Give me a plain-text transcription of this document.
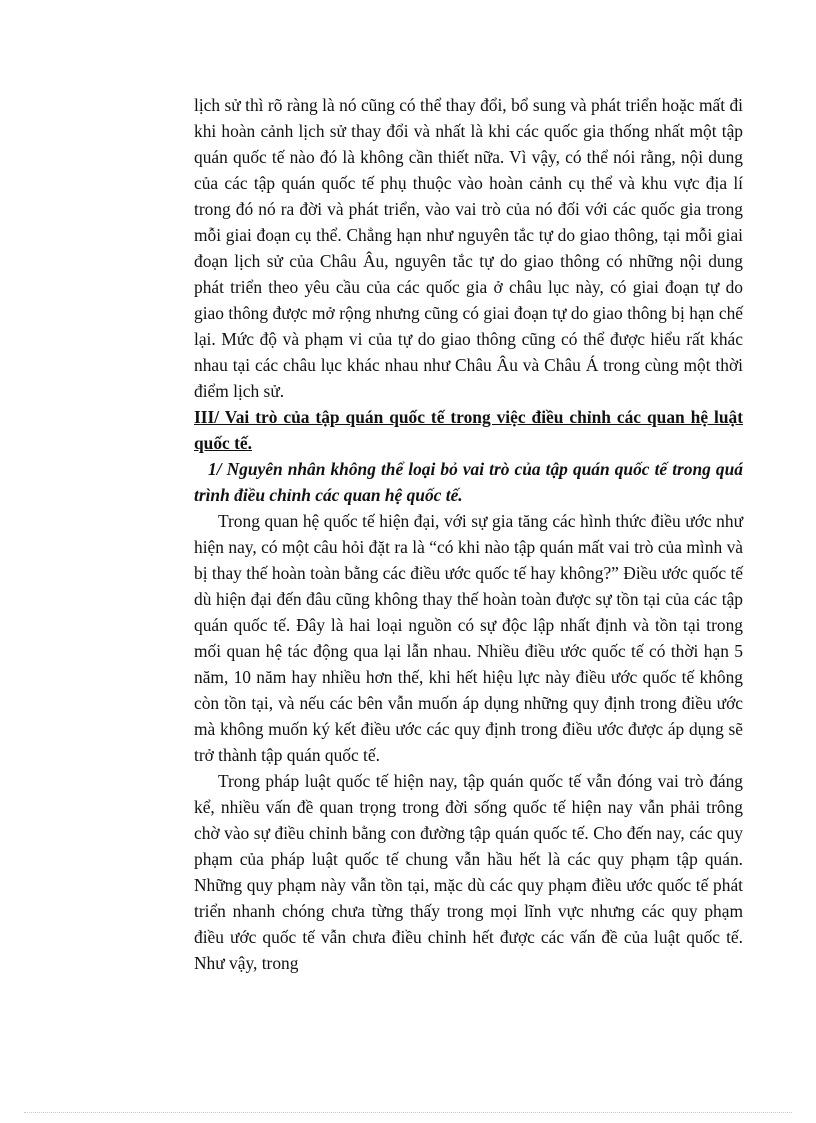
lịch sử thì rõ ràng là nó cũng có thể thay đổi, bổ sung và phát triển hoặc mất đi khi hoàn cảnh lịch sử thay đổi và nhất là khi các quốc gia thống nhất một tập quán quốc tế nào đó là không cần thiết nữa. Vì vậy, có thể nói rằng, nội dung của các tập quán quốc tế phụ thuộc vào hoàn cảnh cụ thể và khu vực địa lí trong đó nó ra đời và phát triển, vào vai trò của nó đối với các quốc gia trong mỗi giai đoạn cụ thể. Chẳng hạn như nguyên tắc tự do giao thông, tại mỗi giai đoạn lịch sử của Châu Âu, nguyên tắc tự do giao thông có những nội dung phát triển theo yêu cầu của các quốc gia ở châu lục này, có giai đoạn tự do giao thông được mở rộng nhưng cũng có giai đoạn tự do giao thông bị hạn chế lại. Mức độ và phạm vi của tự do giao thông cũng có thể được hiểu rất khác nhau tại các châu lục khác nhau như Châu Âu và Châu Á trong cùng một thời điểm lịch sử.

III/ Vai trò của tập quán quốc tế trong việc điều chỉnh các quan hệ luật quốc tế.

1/ Nguyên nhân không thể loại bỏ vai trò của tập quán quốc tế trong quá trình điều chỉnh các quan hệ quốc tế.

Trong quan hệ quốc tế hiện đại, với sự gia tăng các hình thức điều ước như hiện nay, có một câu hỏi đặt ra là “có khi nào tập quán mất vai trò của mình và bị thay thế hoàn toàn bằng các điều ước quốc tế hay không?” Điều ước quốc tế dù hiện đại đến đâu cũng không thay thế hoàn toàn được sự tồn tại của các tập quán quốc tế. Đây là hai loại nguồn có sự độc lập nhất định và tồn tại trong mối quan hệ tác động qua lại lẫn nhau. Nhiều điều ước quốc tế có thời hạn 5 năm, 10 năm hay nhiều hơn thế, khi hết hiệu lực này điều ước quốc tế không còn tồn tại, và nếu các bên vẫn muốn áp dụng những quy định trong điều ước mà không muốn ký kết điều ước các quy định trong điều ước được áp dụng sẽ trở thành tập quán quốc tế.

Trong pháp luật quốc tế hiện nay, tập quán quốc tế vẫn đóng vai trò đáng kể, nhiều vấn đề quan trọng trong đời sống quốc tế hiện nay vẫn phải trông chờ vào sự điều chỉnh bằng con đường tập quán quốc tế. Cho đến nay, các quy phạm của pháp luật quốc tế chung vẫn hầu hết là các quy phạm tập quán. Những quy phạm này vẫn tồn tại, mặc dù các quy phạm điều ước quốc tế phát triển nhanh chóng chưa từng thấy trong mọi lĩnh vực nhưng các quy phạm điều ước quốc tế vẫn chưa điều chỉnh hết được các vấn đề của luật quốc tế. Như vậy, trong
